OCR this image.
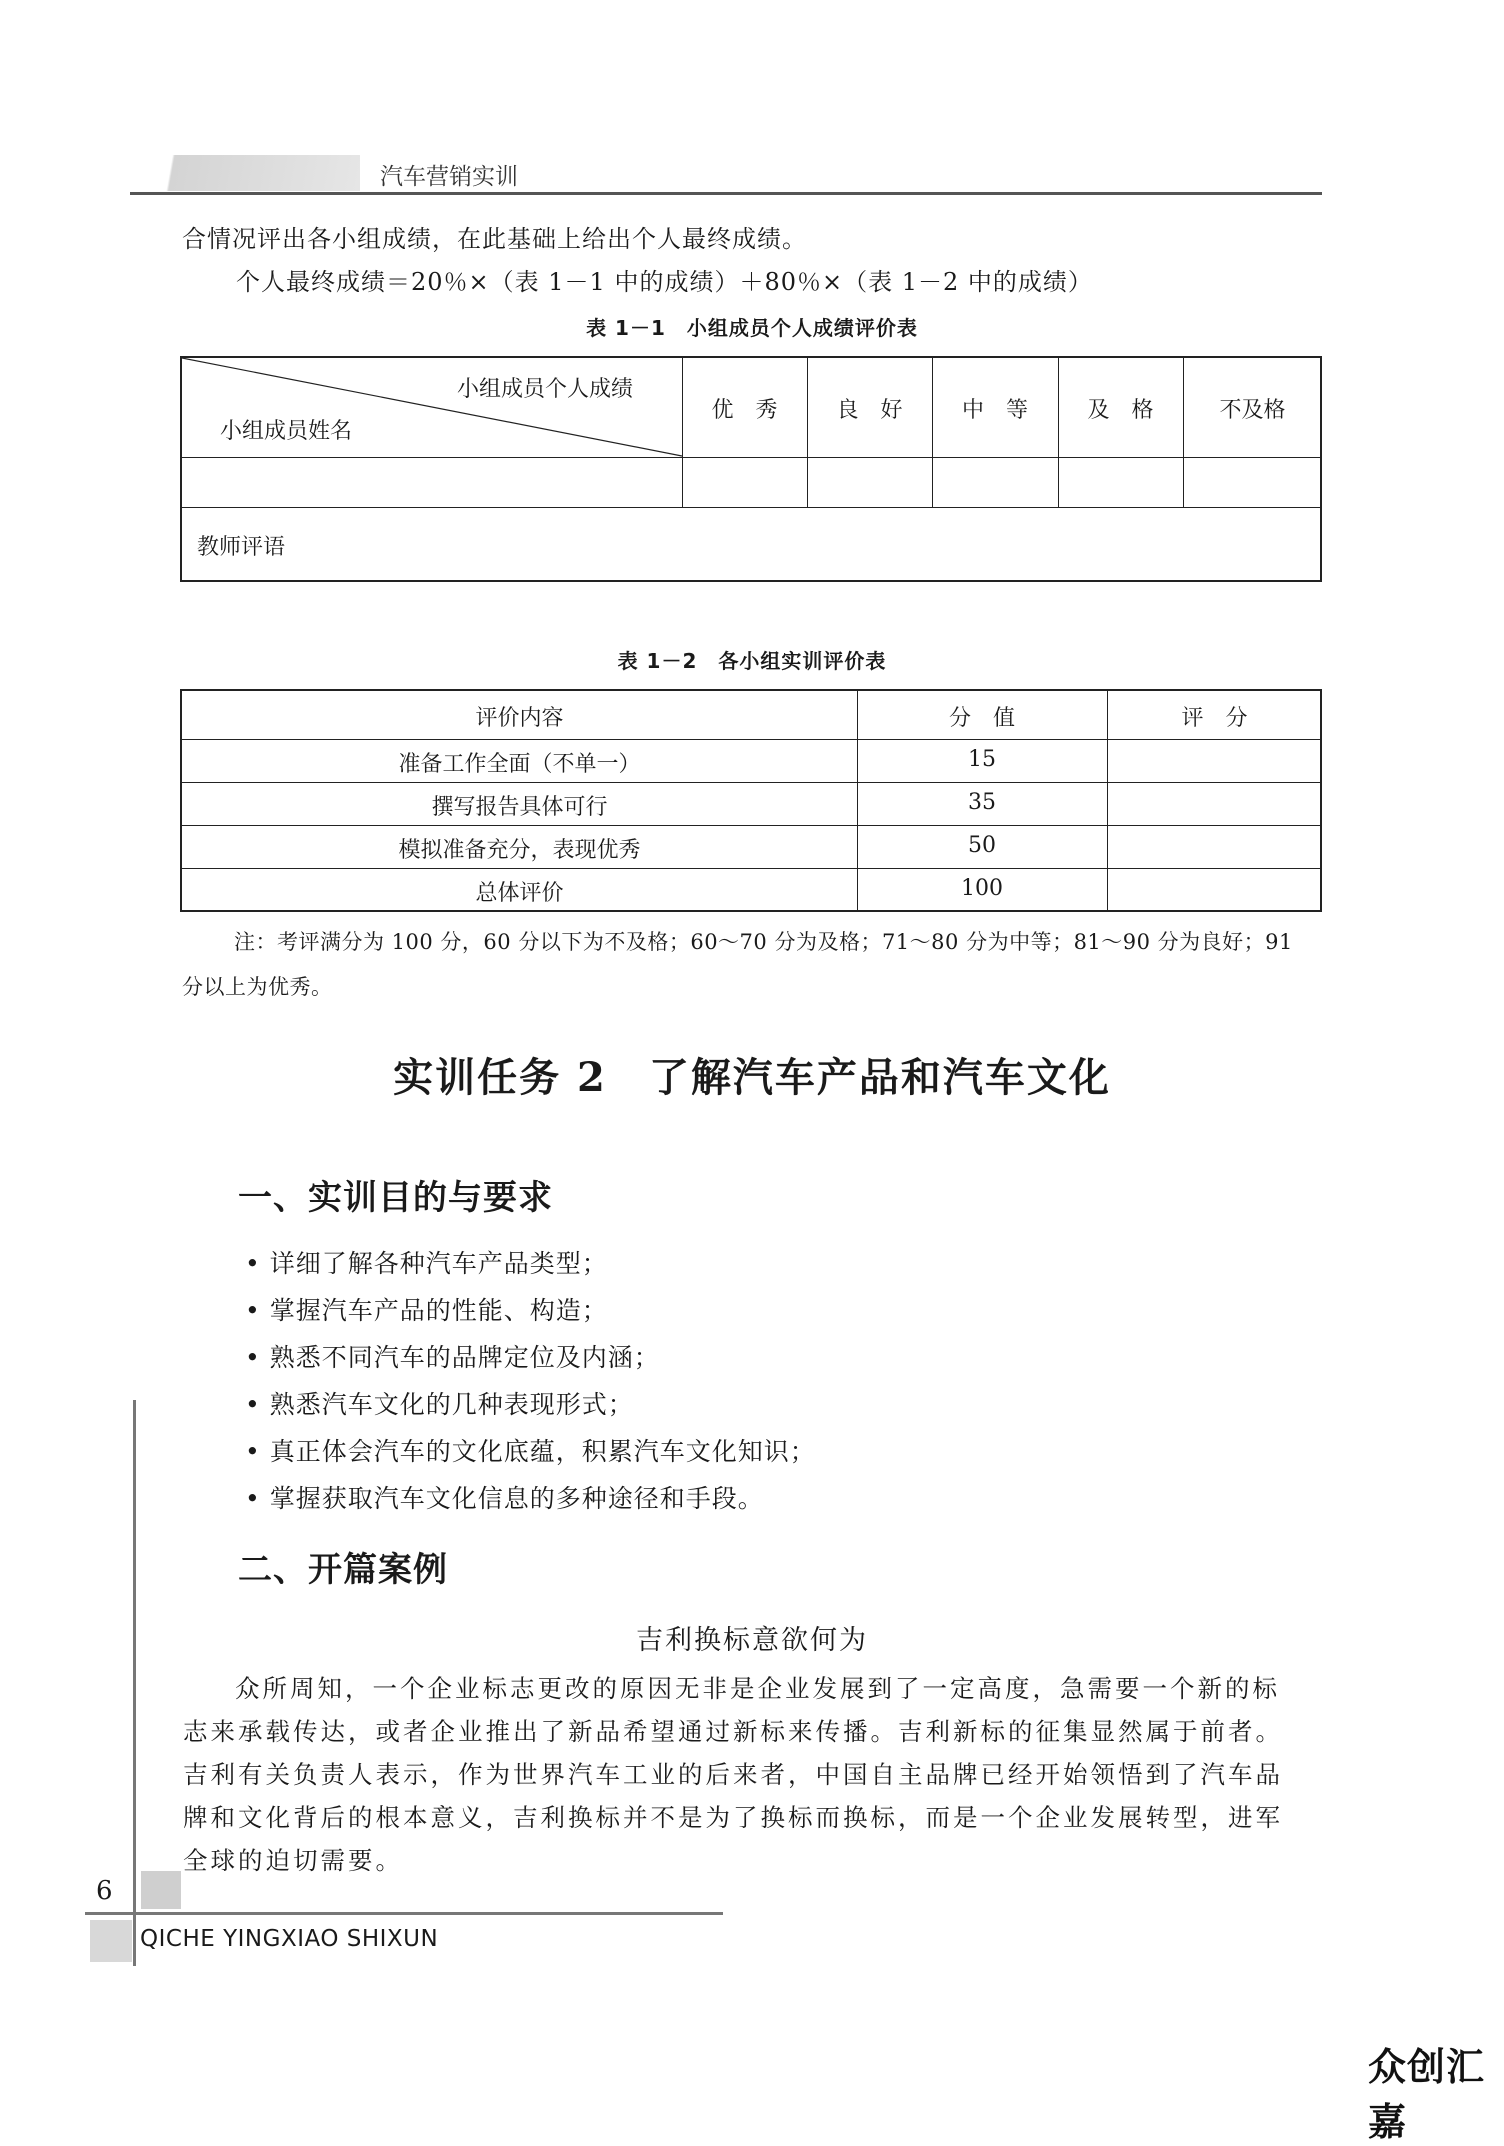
汽车营销实训
合情况评出各小组成绩，在此基础上给出个人最终成绩。
个人最终成绩＝20％×（表 1－1 中的成绩）＋80％×（表 1－2 中的成绩）
表 1－1　小组成员个人成绩评价表
小组成员个人成绩
小组成员姓名
优　秀	良　好	中　等	及　格	不及格
教师评语
表 1－2　各小组实训评价表
评价内容	分　值	评　分
准备工作全面（不单一）	15
撰写报告具体可行	35
模拟准备充分，表现优秀	50
总体评价	100
注：考评满分为 100 分，60 分以下为不及格；60～70 分为及格；71～80 分为中等；81～90 分为良好；91
分以上为优秀。
实训任务 2　了解汽车产品和汽车文化
一、实训目的与要求
• 详细了解各种汽车产品类型；
• 掌握汽车产品的性能、构造；
• 熟悉不同汽车的品牌定位及内涵；
• 熟悉汽车文化的几种表现形式；
• 真正体会汽车的文化底蕴，积累汽车文化知识；
• 掌握获取汽车文化信息的多种途径和手段。
二、开篇案例
吉利换标意欲何为
众所周知，一个企业标志更改的原因无非是企业发展到了一定高度，急需要一个新的标
志来承载传达，或者企业推出了新品希望通过新标来传播。吉利新标的征集显然属于前者。
吉利有关负责人表示，作为世界汽车工业的后来者，中国自主品牌已经开始领悟到了汽车品
牌和文化背后的根本意义，吉利换标并不是为了换标而换标，而是一个企业发展转型，进军
全球的迫切需要。
6
QICHE YINGXIAO SHIXUN
众创汇嘉
